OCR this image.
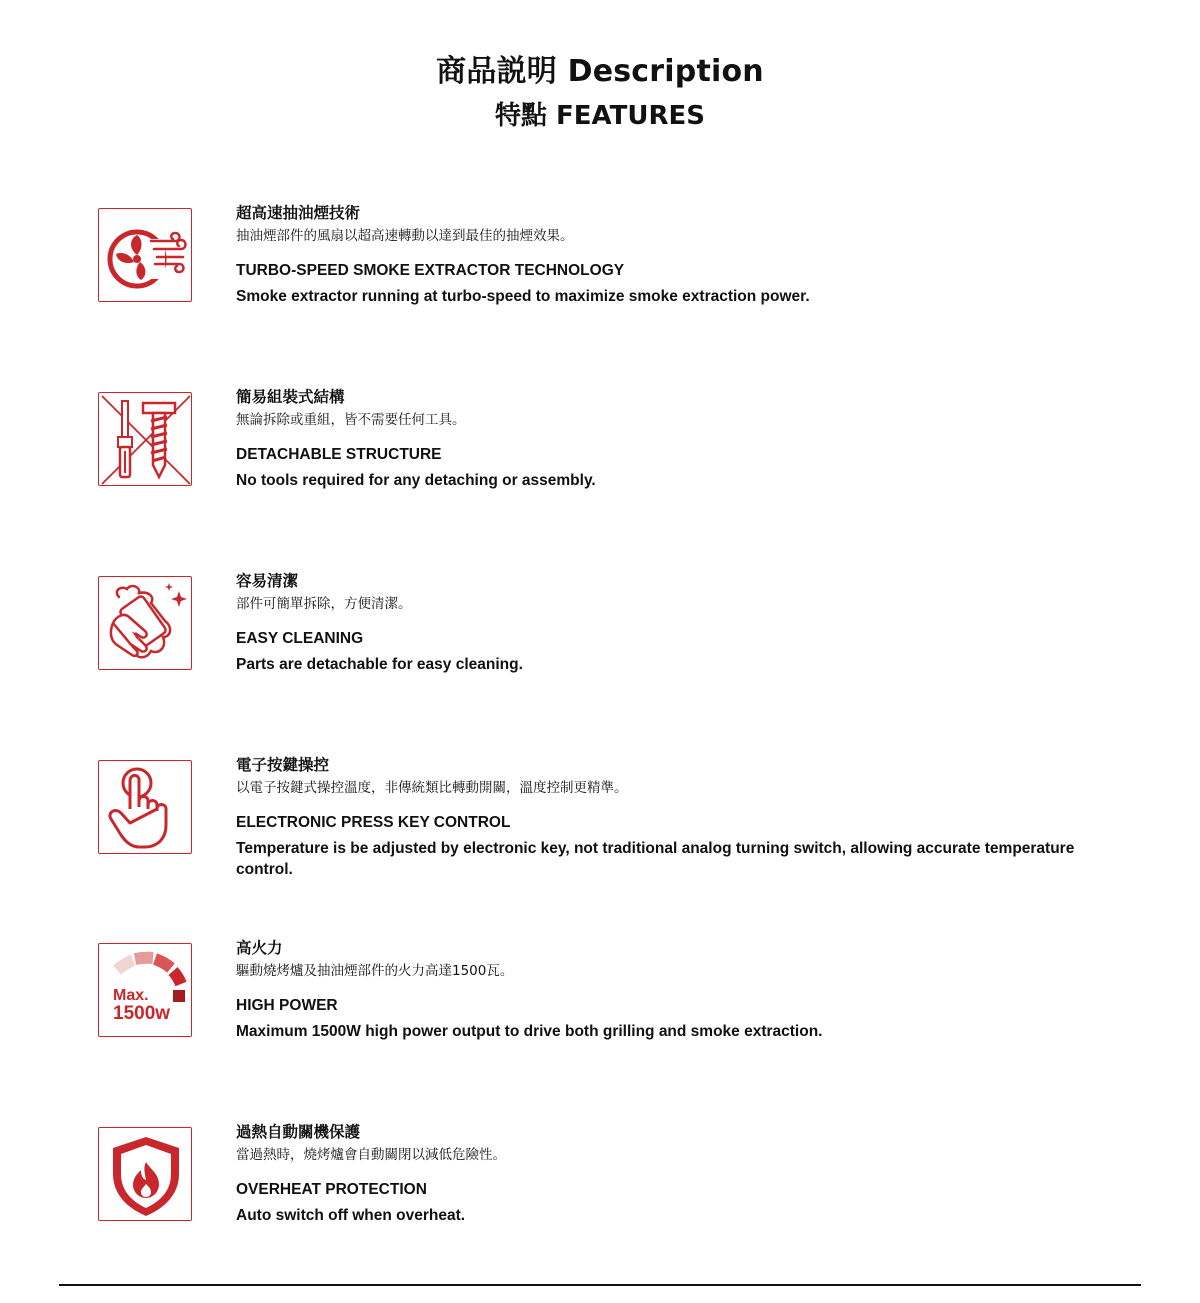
商品説明 Description
特點 FEATURES

超高速抽油煙技術

抽油煙部件的風扇以超高速轉動以達到最佳的抽煙效果。

TURBO-SPEED SMOKE EXTRACTOR TECHNOLOGY

Smoke extractor running at turbo-speed to maximize smoke extraction power.

簡易組裝式結構

無論拆除或重組，皆不需要任何工具。

DETACHABLE STRUCTURE

No tools required for any detaching or assembly.

容易清潔

部件可簡單拆除，方便清潔。

EASY CLEANING

Parts are detachable for easy cleaning.

電子按鍵操控

以電子按鍵式操控溫度，非傳統類比轉動開關，溫度控制更精準。

ELECTRONIC PRESS KEY CONTROL

Temperature is be adjusted by electronic key, not traditional analog turning switch, allowing accurate temperature control.

Max.
1500w

高火力

驅動燒烤爐及抽油煙部件的火力高達1500瓦。

HIGH POWER

Maximum 1500W high power output to drive both grilling and smoke extraction.

過熱自動關機保護

當過熱時，燒烤爐會自動關閉以減低危險性。

OVERHEAT PROTECTION

Auto switch off when overheat.
